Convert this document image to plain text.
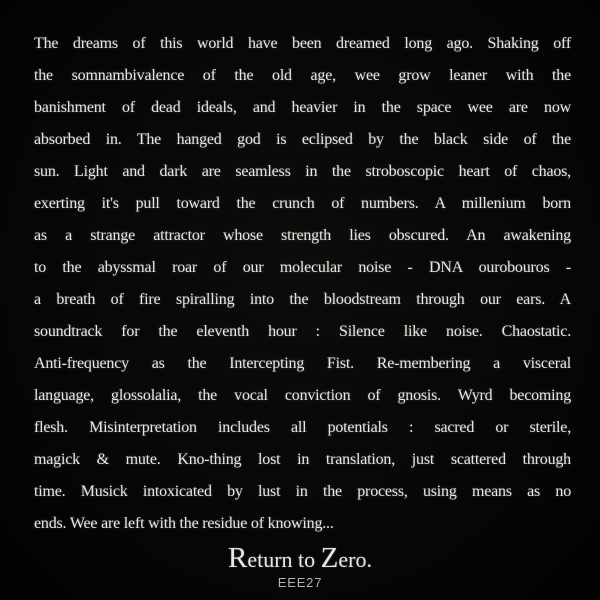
The dreams of this world have been dreamed long ago. Shaking off
the somnambivalence of the old age, wee grow leaner with the
banishment of dead ideals, and heavier in the space wee are now
absorbed in. The hanged god is eclipsed by the black side of the
sun. Light and dark are seamless in the stroboscopic heart of chaos,
exerting it's pull toward the crunch of numbers. A millenium born
as a strange attractor whose strength lies obscured. An awakening
to the abyssmal roar of our molecular noise - DNA ourobouros -
a breath of fire spiralling into the bloodstream through our ears. A
soundtrack for the eleventh hour : Silence like noise. Chaostatic.
Anti-frequency as the Intercepting Fist. Re-membering a visceral
language, glossolalia, the vocal conviction of gnosis. Wyrd becoming
flesh. Misinterpretation includes all potentials : sacred or sterile,
magick & mute. Kno-thing lost in translation, just scattered through
time. Musick intoxicated by lust in the process, using means as no
ends. Wee are left with the residue of knowing...
Return to Zero.
EEE27
